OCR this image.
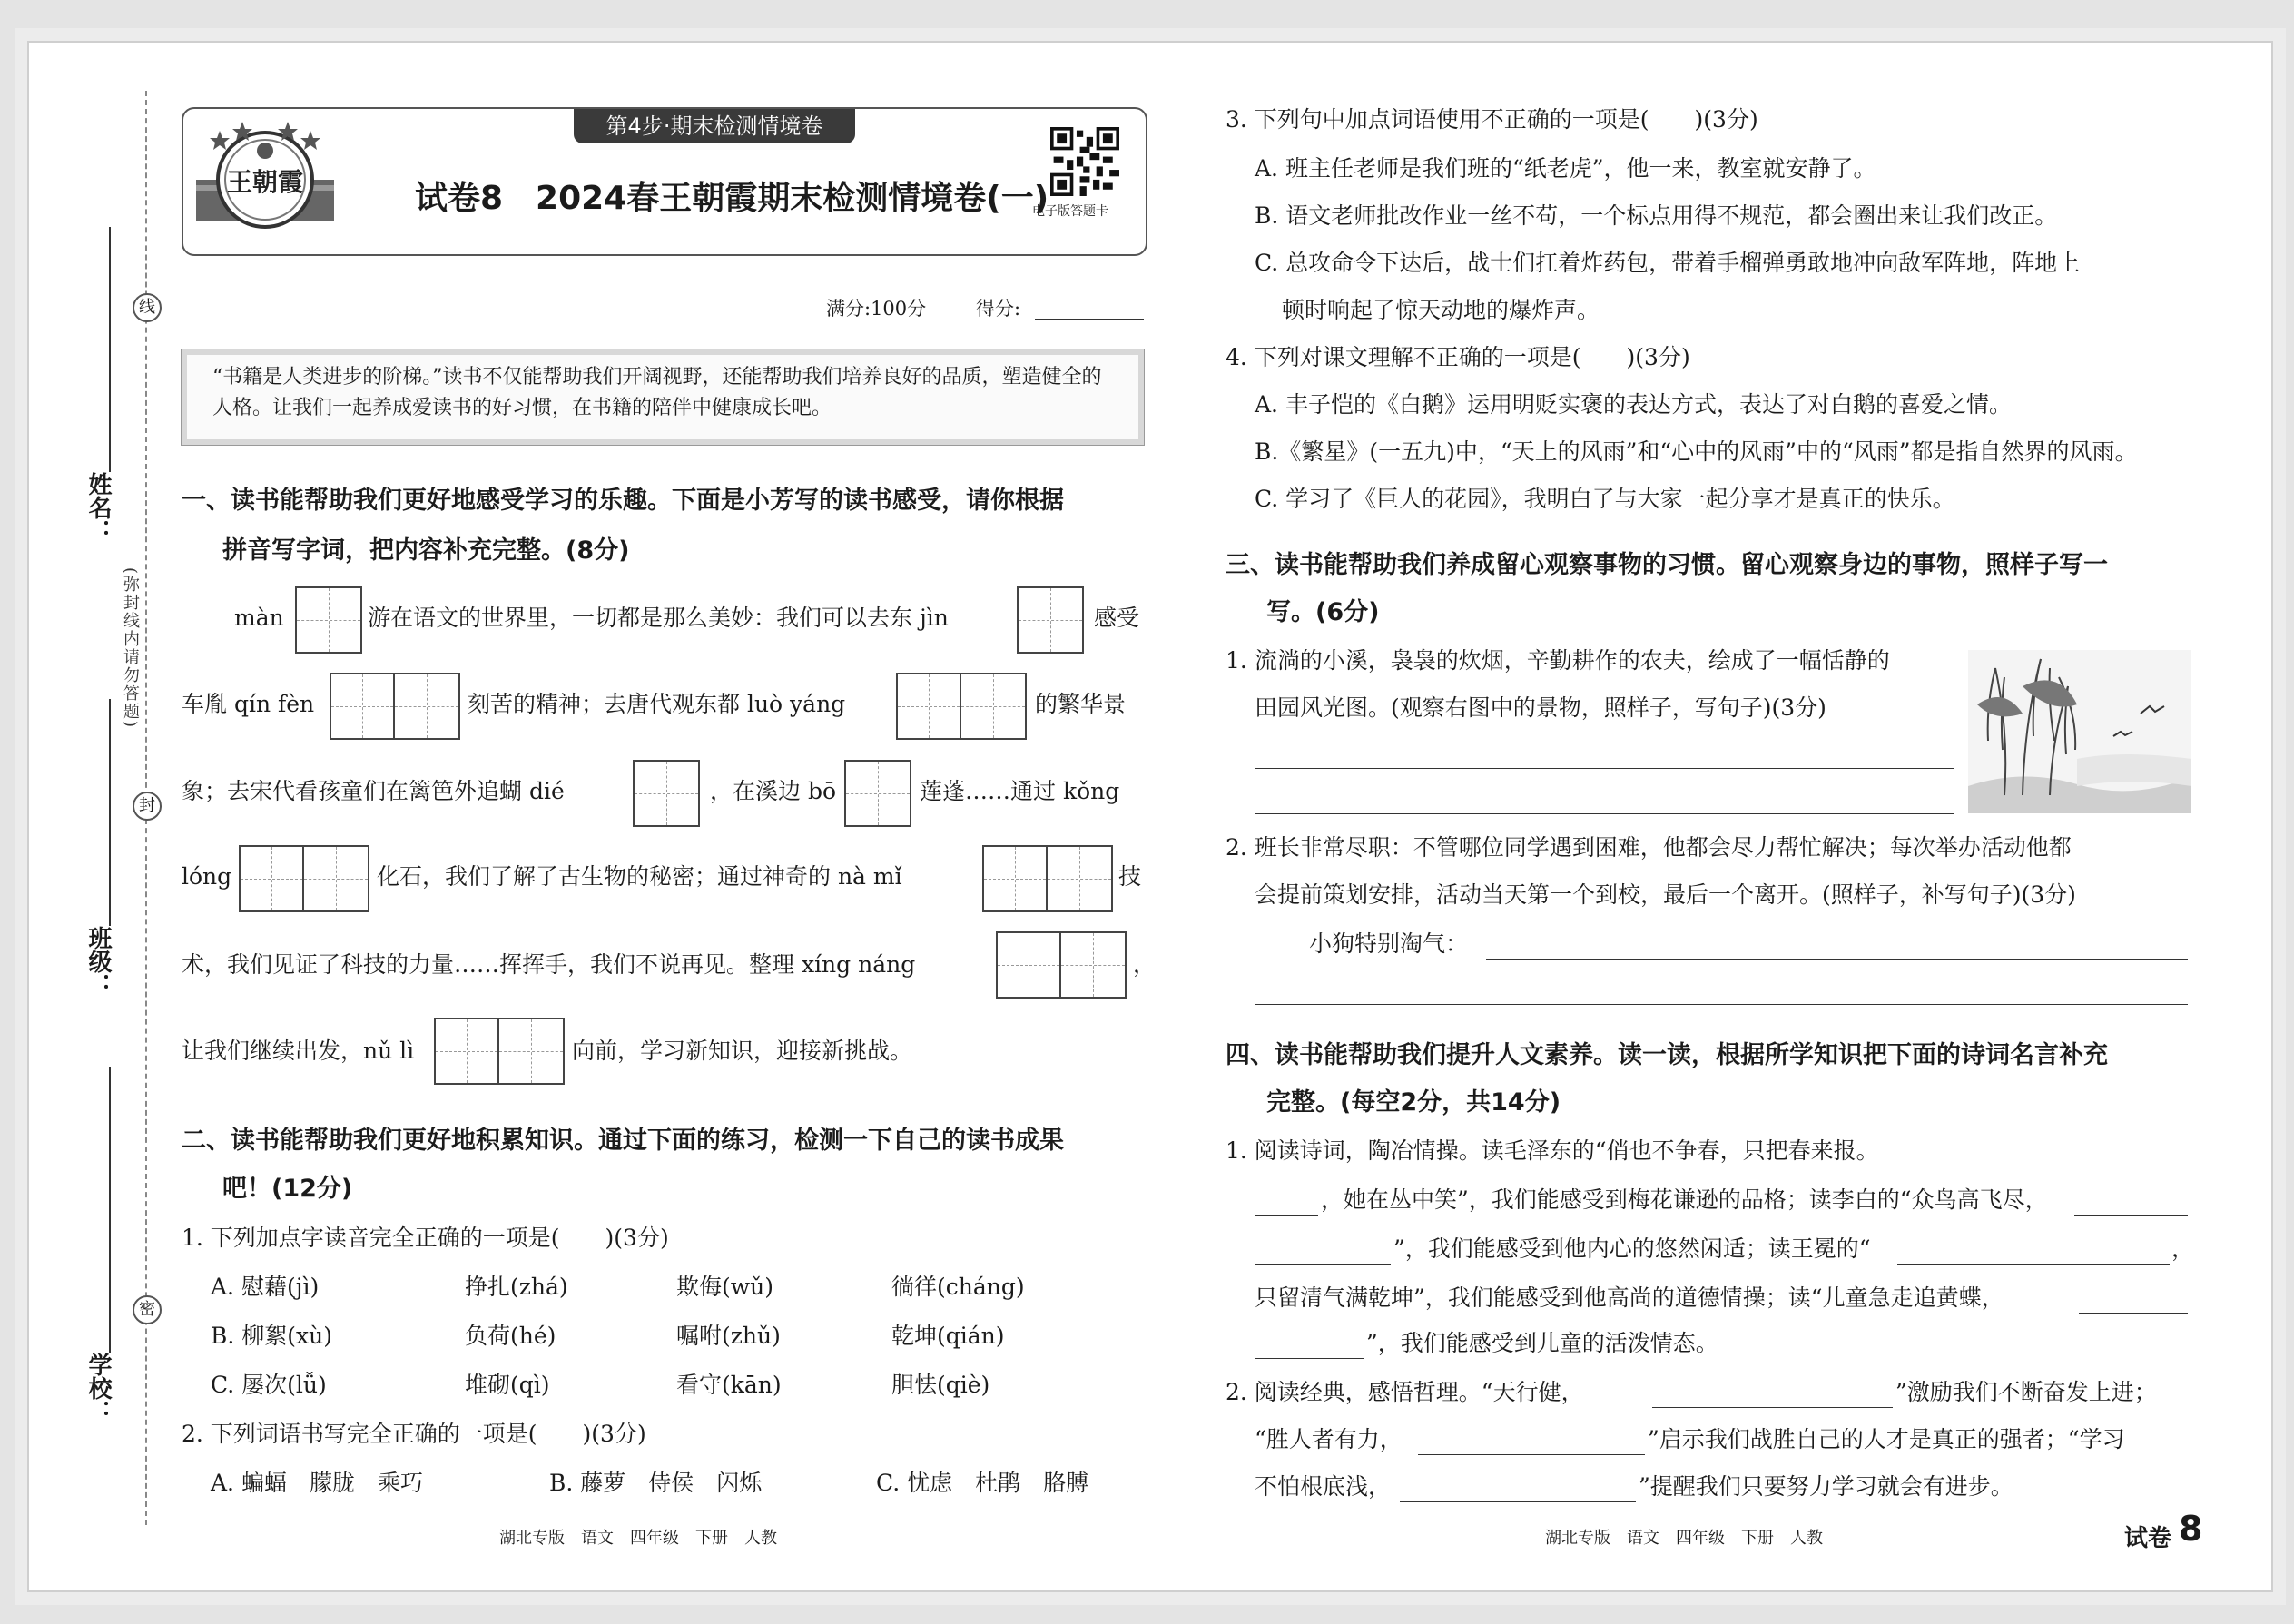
线
封
密
(弥封线内请勿答题)
姓名：
班级：
学校：
王朝霞
第4步·期末检测情境卷
试卷8　2024春王朝霞期末检测情境卷(一)
电子版答题卡
满分:100分	得分:
“书籍是人类进步的阶梯。”读书不仅能帮助我们开阔视野，还能帮助我们培养良好的品质，塑造健全的人格。让我们一起养成爱读书的好习惯，在书籍的陪伴中健康成长吧。
一、读书能帮助我们更好地感受学习的乐趣。下面是小芳写的读书感受，请你根据
拼音写字词，把内容补充完整。(8分)
màn	游在语文的世界里，一切都是那么美妙：我们可以去东 jìn	感受
车胤 qín fèn	刻苦的精神；去唐代观东都 luò yáng	的繁华景
象；去宋代看孩童们在篱笆外追蝴 dié	，在溪边 bō	莲蓬……通过 kǒng
lóng	化石，我们了解了古生物的秘密；通过神奇的 nà mǐ	技
术，我们见证了科技的力量……挥挥手，我们不说再见。整理 xíng náng	，
让我们继续出发，nǔ lì	向前，学习新知识，迎接新挑战。
二、读书能帮助我们更好地积累知识。通过下面的练习，检测一下自己的读书成果
吧！(12分)
1. 下列加点字读音完全正确的一项是(　　)(3分)
A. 慰藉(jì)	挣扎(zhá)	欺侮(wǔ)	徜徉(cháng)
B. 柳絮(xù)	负荷(hé)	嘱咐(zhǔ)	乾坤(qián)
C. 屡次(lǚ)	堆砌(qì)	看守(kān)	胆怯(qiè)
2. 下列词语书写完全正确的一项是(　　)(3分)
A. 蝙蝠　朦胧　乘巧	B. 藤萝　侍侯　闪烁	C. 忧虑　杜鹃　胳膊
湖北专版　语文　四年级　下册　人教
3. 下列句中加点词语使用不正确的一项是(　　)(3分)
A. 班主任老师是我们班的“纸老虎”，他一来，教室就安静了。
B. 语文老师批改作业一丝不苟，一个标点用得不规范，都会圈出来让我们改正。
C. 总攻命令下达后，战士们扛着炸药包，带着手榴弹勇敢地冲向敌军阵地，阵地上
顿时响起了惊天动地的爆炸声。
4. 下列对课文理解不正确的一项是(　　)(3分)
A. 丰子恺的《白鹅》运用明贬实褒的表达方式，表达了对白鹅的喜爱之情。
B.《繁星》(一五九)中，“天上的风雨”和“心中的风雨”中的“风雨”都是指自然界的风雨。
C. 学习了《巨人的花园》，我明白了与大家一起分享才是真正的快乐。
三、读书能帮助我们养成留心观察事物的习惯。留心观察身边的事物，照样子写一
写。(6分)
1. 流淌的小溪，袅袅的炊烟，辛勤耕作的农夫，绘成了一幅恬静的
田园风光图。(观察右图中的景物，照样子，写句子)(3分)
2. 班长非常尽职：不管哪位同学遇到困难，他都会尽力帮忙解决；每次举办活动他都
会提前策划安排，活动当天第一个到校，最后一个离开。(照样子，补写句子)(3分)
小狗特别淘气：
四、读书能帮助我们提升人文素养。读一读，根据所学知识把下面的诗词名言补充
完整。(每空2分，共14分)
1. 阅读诗词，陶冶情操。读毛泽东的“俏也不争春，只把春来报。
，她在丛中笑”，我们能感受到梅花谦逊的品格；读李白的“众鸟高飞尽，
”，我们能感受到他内心的悠然闲适；读王冕的“	，
只留清气满乾坤”，我们能感受到他高尚的道德情操；读“儿童急走追黄蝶，
”，我们能感受到儿童的活泼情态。
2. 阅读经典，感悟哲理。“天行健，	”激励我们不断奋发上进；
“胜人者有力，	”启示我们战胜自己的人才是真正的强者；“学习
不怕根底浅，	”提醒我们只要努力学习就会有进步。
湖北专版　语文　四年级　下册　人教	试卷 8
